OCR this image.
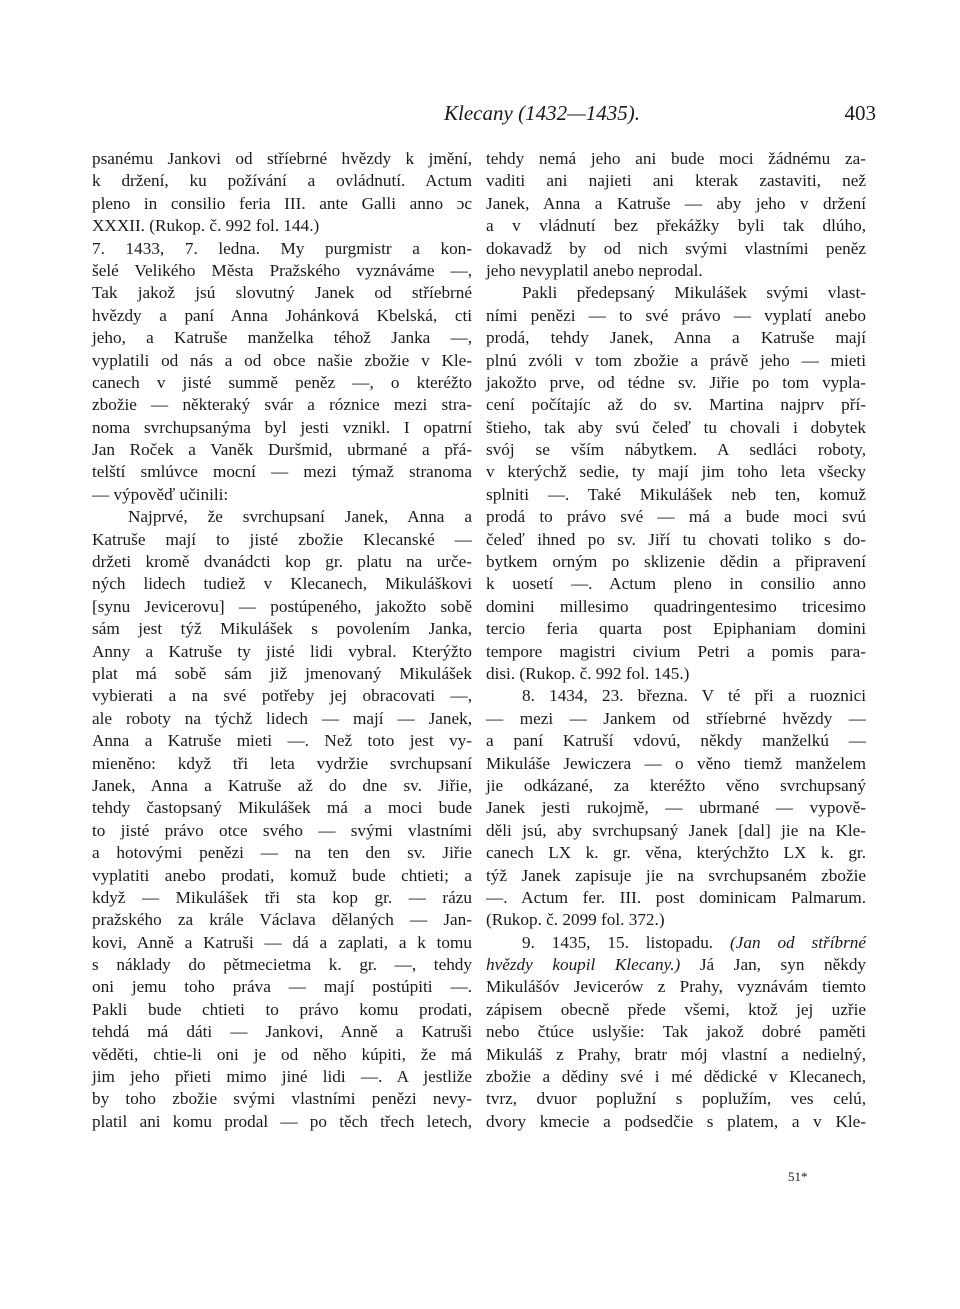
Klecany (1432—1435).	403
psanému Jankovi od stříebrné hvězdy k jmění,
k držení, ku požívání a ovládnutí. Actum
pleno in consilio feria III. ante Galli anno ɔc
XXXII. (Rukop. č. 992 fol. 144.)
7. 1433, 7. ledna. My purgmistr a kon-
šelé Velikého Města Pražského vyznáváme —,
Tak jakož jsú slovutný Janek od stříebrné
hvězdy a paní Anna Johánková Kbelská, cti
jeho, a Katruše manželka téhož Janka —,
vyplatili od nás a od obce našie zbožie v Kle-
canech v jisté summě peněz —, o kteréžto
zbožie — některaký svár a róznice mezi stra-
noma svrchupsanýma byl jesti vznikl. I opatrní
Jan Roček a Vaněk Duršmid, ubrmané a přá-
telští smlúvce mocní — mezi týmaž stranoma
— výpověď učinili:
Najprvé, že svrchupsaní Janek, Anna a
Katruše mají to jisté zbožie Klecanské —
držeti kromě dvanádcti kop gr. platu na urče-
ných lidech tudiež v Klecanech, Mikuláškovi
[synu Jevicerovu] — postúpeného, jakožto sobě
sám jest týž Mikulášek s povolením Janka,
Anny a Katruše ty jisté lidi vybral. Kterýžto
plat má sobě sám již jmenovaný Mikulášek
vybierati a na své potřeby jej obracovati —,
ale roboty na týchž lidech — mají — Janek,
Anna a Katruše mieti —. Než toto jest vy-
mieněno: když tři leta vydržie svrchupsaní
Janek, Anna a Katruše až do dne sv. Jiřie,
tehdy častopsaný Mikulášek má a moci bude
to jisté právo otce svého — svými vlastními
a hotovými penězi — na ten den sv. Jiřie
vyplatiti anebo prodati, komuž bude chtieti; a
když — Mikulášek tři sta kop gr. — rázu
pražského za krále Václava dělaných — Jan-
kovi, Anně a Katruši — dá a zaplati, a k tomu
s náklady do pětmecietma k. gr. —, tehdy
oni jemu toho práva — mají postúpiti —.
Pakli bude chtieti to právo komu prodati,
tehdá má dáti — Jankovi, Anně a Katruši
věděti, chtie-li oni je od něho kúpiti, že má
jim jeho přieti mimo jiné lidi —. A jestliže
by toho zbožie svými vlastními penězi nevy-
platil ani komu prodal — po těch třech letech,
tehdy nemá jeho ani bude moci žádnému za-
vaditi ani najieti ani kterak zastaviti, než
Janek, Anna a Katruše — aby jeho v držení
a v vládnutí bez překážky byli tak dlúho,
dokavadž by od nich svými vlastními peněz
jeho nevyplatil anebo neprodal.
Pakli předepsaný Mikulášek svými vlast-
ními penězi — to své právo — vyplatí anebo
prodá, tehdy Janek, Anna a Katruše mají
plnú zvóli v tom zbožie a právě jeho — mieti
jakožto prve, od tédne sv. Jiřie po tom vypla-
cení počítajíc až do sv. Martina najprv pří-
štieho, tak aby svú čeleď tu chovali i dobytek
svój se vším nábytkem. A sedláci roboty,
v kterýchž sedie, ty mají jim toho leta všecky
splniti —. Také Mikulášek neb ten, komuž
prodá to právo své — má a bude moci svú
čeleď ihned po sv. Jiří tu chovati toliko s do-
bytkem orným po sklizenie dědin a připravení
k uosetí —. Actum pleno in consilio anno
domini millesimo quadringentesimo tricesimo
tercio feria quarta post Epiphaniam domini
tempore magistri civium Petri a pomis para-
disi. (Rukop. č. 992 fol. 145.)
8. 1434, 23. března. V té při a ruoznici
— mezi — Jankem od stříebrné hvězdy —
a paní Katruší vdovú, někdy manželkú —
Mikuláše Jewiczera — o věno tiemž manželem
jie odkázané, za kteréžto věno svrchupsaný
Janek jesti rukojmě, — ubrmané — vypově-
děli jsú, aby svrchupsaný Janek [dal] jie na Kle-
canech LX k. gr. věna, kterýchžto LX k. gr.
týž Janek zapisuje jie na svrchupsaném zbožie
—. Actum fer. III. post dominicam Palmarum.
(Rukop. č. 2099 fol. 372.)
9. 1435, 15. listopadu. (Jan od stříbrné
hvězdy koupil Klecany.) Já Jan, syn někdy
Mikulášóv Jevicerów z Prahy, vyznávám tiemto
zápisem obecně přede všemi, ktož jej uzřie
nebo čtúce uslyšie: Tak jakož dobré paměti
Mikuláš z Prahy, bratr mój vlastní a nedielný,
zbožie a dědiny své i mé dědické v Klecanech,
tvrz, dvuor poplužní s poplužím, ves celú,
dvory kmecie a podsedčie s platem, a v Kle-
51*
